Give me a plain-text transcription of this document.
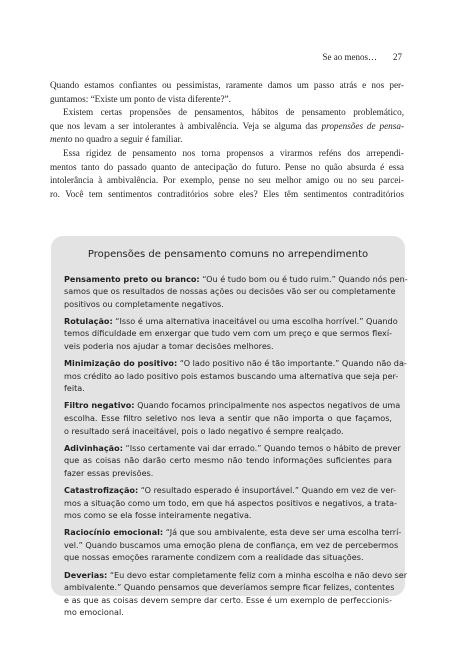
Se ao menos… 27

Quando estamos confiantes ou pessimistas, raramente damos um passo atrás e nos per-
guntamos: “Existe um ponto de vista diferente?”.

Existem certas propensões de pensamentos, hábitos de pensamento problemático,
que nos levam a ser intolerantes à ambivalência. Veja se alguma das propensões de pensa-
mento no quadro a seguir é familiar.

Essa rigidez de pensamento nos torna propensos a virarmos reféns dos arrependi-
mentos tanto do passado quanto de antecipação do futuro. Pense no quão absurda é essa
intolerância à ambivalência. Por exemplo, pense no seu melhor amigo ou no seu parcei-
ro. Você tem sentimentos contraditórios sobre eles? Eles têm sentimentos contraditórios

Propensões de pensamento comuns no arrependimento
Pensamento preto ou branco: “Ou é tudo bom ou é tudo ruim.” Quando nós pen-
samos que os resultados de nossas ações ou decisões vão ser ou completamente
positivos ou completamente negativos.
Rotulação: “Isso é uma alternativa inaceitável ou uma escolha horrível.” Quando
temos dificuldade em enxergar que tudo vem com um preço e que sermos flexí-
veis poderia nos ajudar a tomar decisões melhores.
Minimização do positivo: “O lado positivo não é tão importante.” Quando não da-
mos crédito ao lado positivo pois estamos buscando uma alternativa que seja per-
feita.
Filtro negativo: Quando focamos principalmente nos aspectos negativos de uma
escolha. Esse filtro seletivo nos leva a sentir que não importa o que façamos,
o resultado será inaceitável, pois o lado negativo é sempre realçado.
Adivinhação: “Isso certamente vai dar errado.” Quando temos o hábito de prever
que as coisas não darão certo mesmo não tendo informações suficientes para
fazer essas previsões.
Catastrofização: “O resultado esperado é insuportável.” Quando em vez de ver-
mos a situação como um todo, em que há aspectos positivos e negativos, a tratа-
mos como se ela fosse inteiramente negativa.
Raciocínio emocional: “Já que sou ambivalente, esta deve ser uma escolha terrí-
vel.” Quando buscamos uma emoção plena de confiança, em vez de percebermos
que nossas emoções raramente condizem com a realidade das situações.
Deverias: “Eu devo estar completamente feliz com a minha escolha e não devo ser
ambivalente.” Quando pensamos que deveríamos sempre ficar felizes, contentes
e as que as coisas devem sempre dar certo. Esse é um exemplo de perfeccionis-
mo emocional.
